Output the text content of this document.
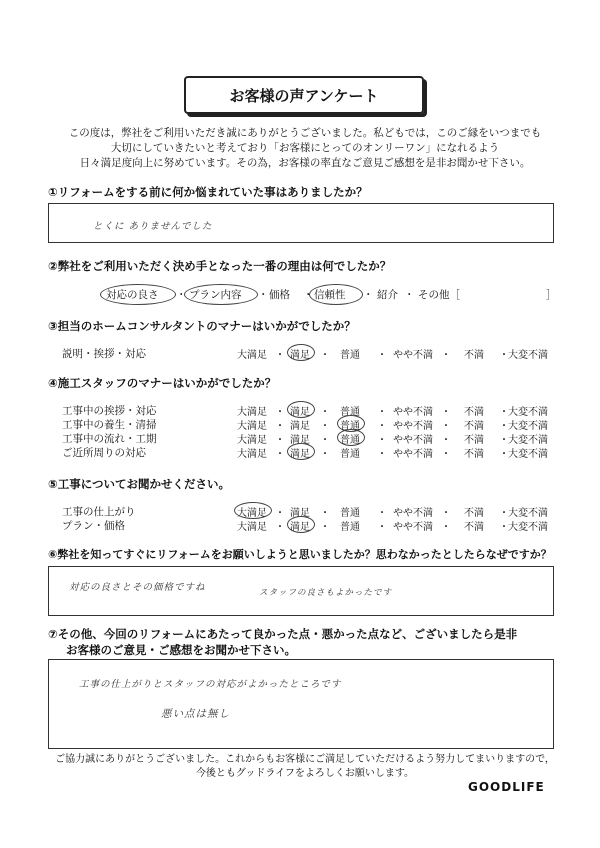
お客様の声アンケート
この度は，弊社をご利用いただき誠にありがとうございました。私どもでは，このご縁をいつまでも
大切にしていきたいと考えており「お客様にとってのオンリーワン」になれるよう
日々満足度向上に努めています。その為，お客様の率直なご意見ご感想を是非お聞かせ下さい。
①リフォームをする前に何か悩まれていた事はありましたか？
とくに ありませんでした
②弊社をご利用いただく決め手となった一番の理由は何でしたか？
対応の良さ ・ プラン内容 ・ 価格 ・ 信頼性 ・ 紹介 ・ その他［	］
③担当のホームコンサルタントのマナーはいかがでしたか？
説明・挨拶・対応	大満足 ・ 満足 ・ 普通 ・ やや不満 ・ 不満 ・ 大変不満
④施工スタッフのマナーはいかがでしたか？
工事中の挨拶・対応	大満足 ・ 満足 ・ 普通 ・ やや不満 ・ 不満 ・ 大変不満
工事中の養生・清掃	大満足 ・ 満足 ・ 普通 ・ やや不満 ・ 不満 ・ 大変不満
工事中の流れ・工期	大満足 ・ 満足 ・ 普通 ・ やや不満 ・ 不満 ・ 大変不満
ご近所周りの対応	大満足 ・ 満足 ・ 普通 ・ やや不満 ・ 不満 ・ 大変不満
⑤工事についてお聞かせください。
工事の仕上がり	大満足 ・ 満足 ・ 普通 ・ やや不満 ・ 不満 ・ 大変不満
プラン・価格	大満足 ・ 満足 ・ 普通 ・ やや不満 ・ 不満 ・ 大変不満
⑥弊社を知ってすぐにリフォームをお願いしようと思いましたか？思わなかったとしたらなぜですか？
対応の良さとその価格ですね	スタッフの良さもよかったです
⑦その他、今回のリフォームにあたって良かった点・悪かった点など、ございましたら是非
お客様のご意見・ご感想をお聞かせ下さい。
工事の仕上がりとスタッフの対応がよかったところです
悪い点は無し
ご協力誠にありがとうございました。これからもお客様にご満足していただけるよう努力してまいりますので，
今後ともグッドライフをよろしくお願いします。
GOODLIFE
